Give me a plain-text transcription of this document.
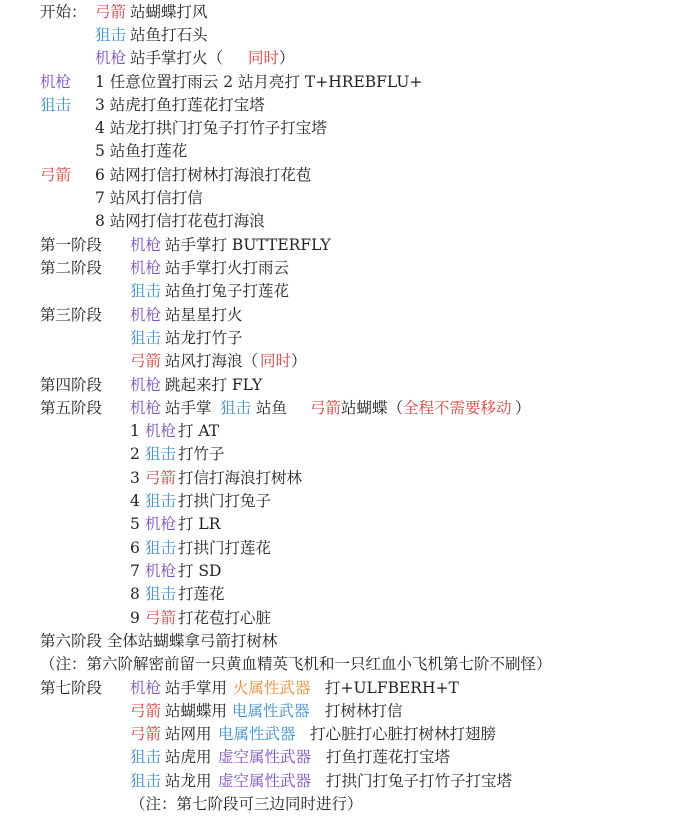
开始： 弓箭 站蝴蝶打风
狙击 站鱼打石头
机枪 站手掌打火（ 同时 ）
机枪 1 任意位置打雨云 2 站月亮打 T+HREBFLU+
狙击 3 站虎打鱼打莲花打宝塔
4 站龙打拱门打兔子打竹子打宝塔
5 站鱼打莲花
弓箭 6 站网打信打树林打海浪打花苞
7 站风打信打信
8 站网打信打花苞打海浪
第一阶段 机枪 站手掌打 BUTTERFLY
第二阶段 机枪 站手掌打火打雨云
狙击 站鱼打兔子打莲花
第三阶段 机枪 站星星打火
狙击 站龙打竹子
弓箭 站风打海浪（ 同时 ）
第四阶段 机枪 跳起来打 FLY
第五阶段 机枪 站手掌 狙击 站鱼 弓箭 站蝴蝶（ 全程不需要移动 ）
1 机枪 打 AT
2 狙击 打竹子
3 弓箭 打信打海浪打树林
4 狙击 打拱门打兔子
5 机枪 打 LR
6 狙击 打拱门打莲花
7 机枪 打 SD
8 狙击 打莲花
9 弓箭 打花苞打心脏
第六阶段 全体站蝴蝶拿弓箭打树林
（注：第六阶解密前留一只黄血精英飞机和一只红血小飞机第七阶不刷怪）
第七阶段 机枪 站手掌用 火属性武器 打+ULFBERH+T
弓箭 站蝴蝶用 电属性武器 打树林打信
弓箭 站网用 电属性武器 打心脏打心脏打树林打翅膀
狙击 站虎用 虚空属性武器 打鱼打莲花打宝塔
狙击 站龙用 虚空属性武器 打拱门打兔子打竹子打宝塔
（注：第七阶段可三边同时进行）
